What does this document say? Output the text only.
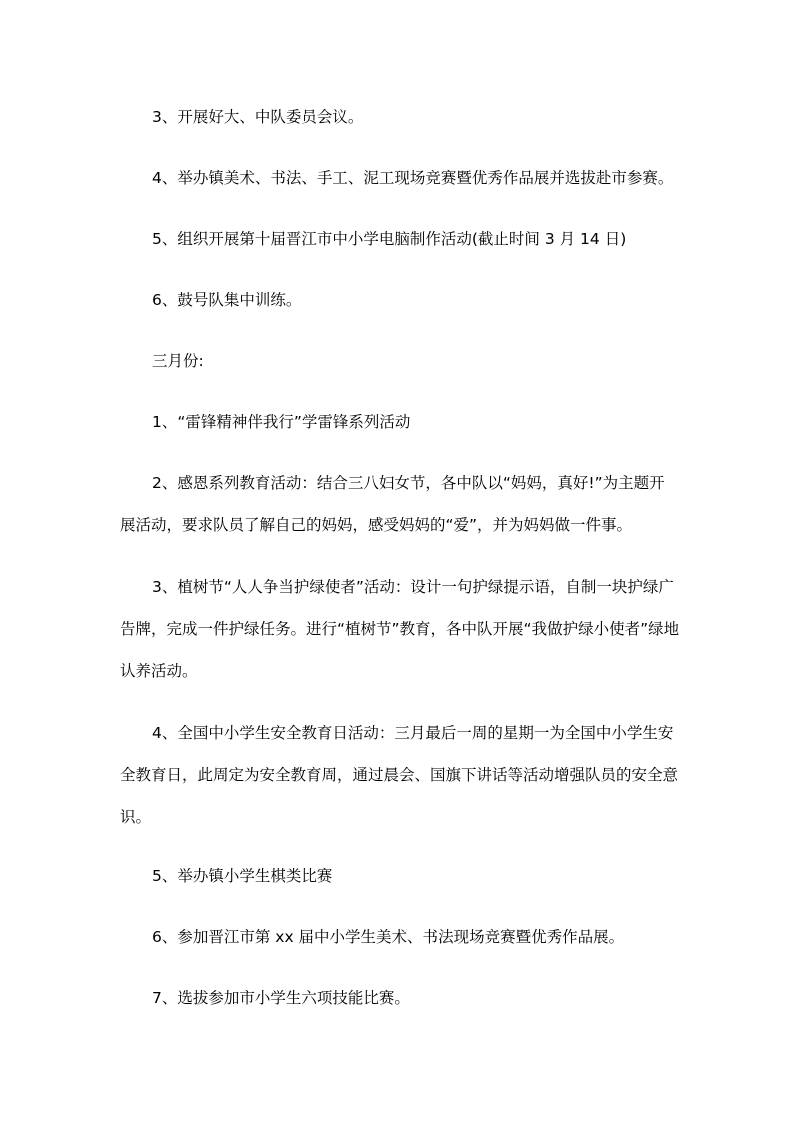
3、开展好大、中队委员会议。

4、举办镇美术、书法、手工、泥工现场竞赛暨优秀作品展并选拔赴市参赛。

5、组织开展第十届晋江市中小学电脑制作活动(截止时间 3 月 14 日)

6、鼓号队集中训练。

三月份:

1、“雷锋精神伴我行”学雷锋系列活动

2、感恩系列教育活动：结合三八妇女节，各中队以“妈妈，真好!”为主题开展活动，要求队员了解自己的妈妈，感受妈妈的“爱”，并为妈妈做一件事。

3、植树节“人人争当护绿使者”活动：设计一句护绿提示语，自制一块护绿广告牌，完成一件护绿任务。进行“植树节”教育，各中队开展“我做护绿小使者”绿地认养活动。

4、全国中小学生安全教育日活动：三月最后一周的星期一为全国中小学生安全教育日，此周定为安全教育周，通过晨会、国旗下讲话等活动增强队员的安全意识。

5、举办镇小学生棋类比赛

6、参加晋江市第 xx 届中小学生美术、书法现场竞赛暨优秀作品展。

7、选拔参加市小学生六项技能比赛。
